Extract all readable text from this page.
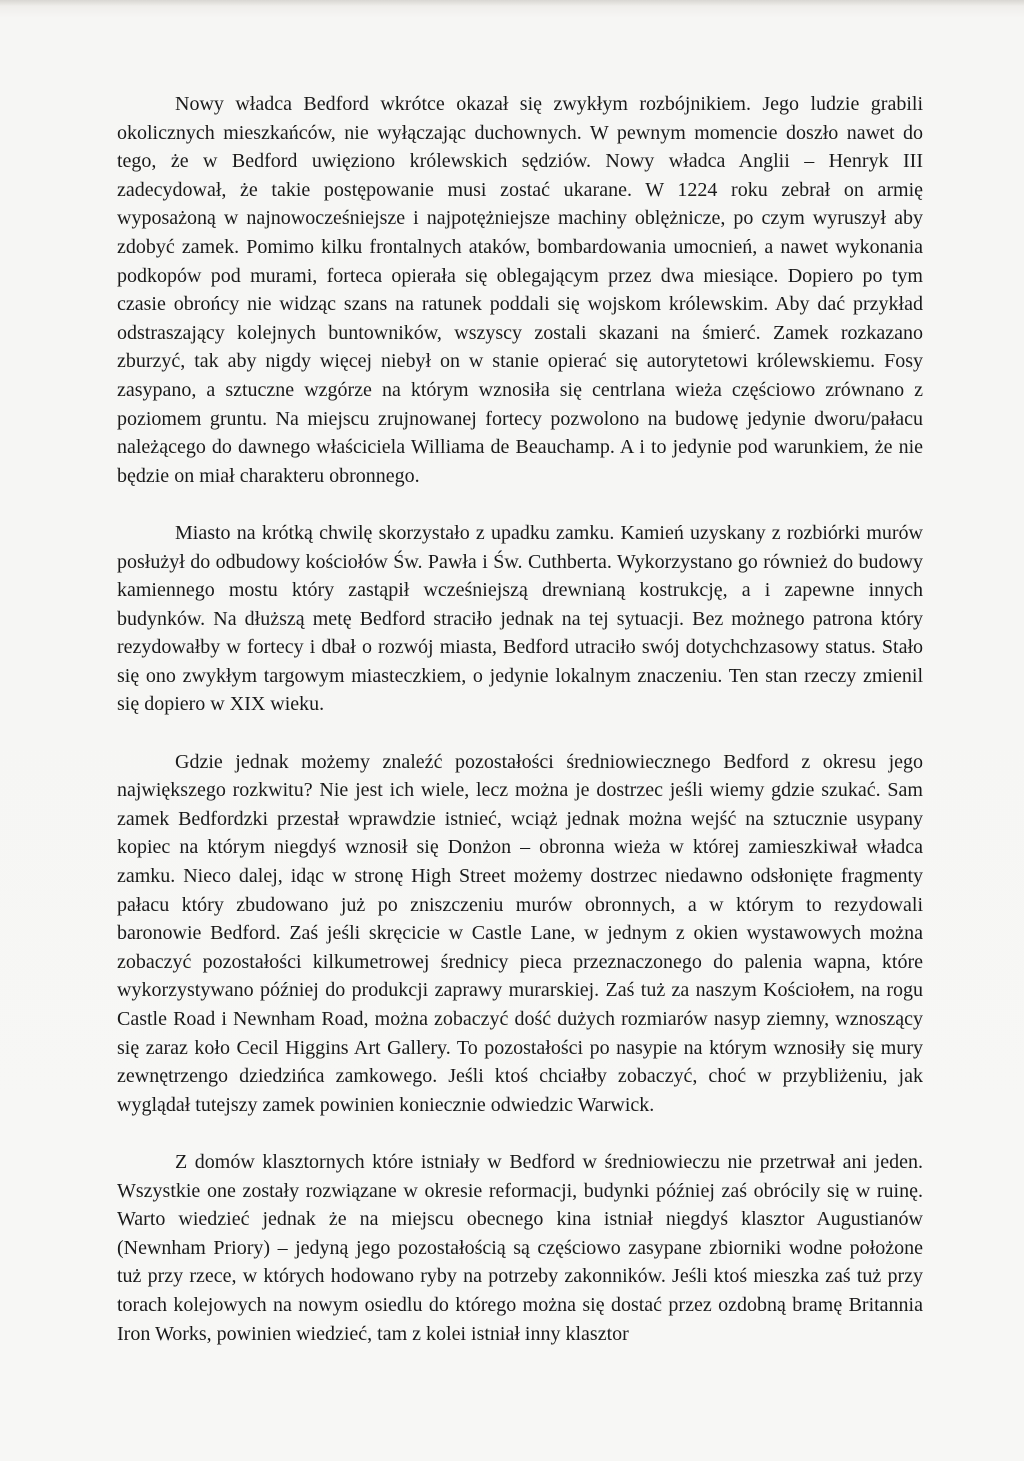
Nowy władca Bedford wkrótce okazał się zwykłym rozbójnikiem. Jego ludzie grabili okolicznych mieszkańców, nie wyłączając duchownych. W pewnym momencie doszło nawet do tego, że w Bedford uwięziono królewskich sędziów. Nowy władca Anglii – Henryk III zadecydował, że takie postępowanie musi zostać ukarane. W 1224 roku zebrał on armię wyposażoną w najnowocześniejsze i najpotężniejsze machiny oblężnicze, po czym wyruszył aby zdobyć zamek. Pomimo kilku frontalnych ataków, bombardowania umocnień, a nawet wykonania podkopów pod murami, forteca opierała się oblegającym przez dwa miesiące. Dopiero po tym czasie obrońcy nie widząc szans na ratunek poddali się wojskom królewskim. Aby dać przykład odstraszający kolejnych buntowników, wszyscy zostali skazani na śmierć. Zamek rozkazano zburzyć, tak aby nigdy więcej niebył on w stanie opierać się autorytetowi królewskiemu. Fosy zasypano, a sztuczne wzgórze na którym wznosiła się centrlana wieża częściowo zrównano z poziomem gruntu. Na miejscu zrujnowanej fortecy pozwolono na budowę jedynie dworu/pałacu należącego do dawnego właściciela Williama de Beauchamp. A i to jedynie pod warunkiem, że nie będzie on miał charakteru obronnego.

Miasto na krótką chwilę skorzystało z upadku zamku. Kamień uzyskany z rozbiórki murów posłużył do odbudowy kościołów Św. Pawła i Św. Cuthberta. Wykorzystano go również do budowy kamiennego mostu który zastąpił wcześniejszą drewnianą kostrukcję, a i zapewne innych budynków. Na dłuższą metę Bedford straciło jednak na tej sytuacji. Bez możnego patrona który rezydowałby w fortecy i dbał o rozwój miasta, Bedford utraciło swój dotychchzasowy status. Stało się ono zwykłym targowym miasteczkiem, o jedynie lokalnym znaczeniu. Ten stan rzeczy zmienil się dopiero w XIX wieku.

Gdzie jednak możemy znaleźć pozostałości średniowiecznego Bedford z okresu jego największego rozkwitu? Nie jest ich wiele, lecz można je dostrzec jeśli wiemy gdzie szukać. Sam zamek Bedfordzki przestał wprawdzie istnieć, wciąż jednak można wejść na sztucznie usypany kopiec na którym niegdyś wznosił się Donżon – obronna wieża w której zamieszkiwał władca zamku. Nieco dalej, idąc w stronę High Street możemy dostrzec niedawno odsłonięte fragmenty pałacu który zbudowano już po zniszczeniu murów obronnych, a w którym to rezydowali baronowie Bedford. Zaś jeśli skręcicie w Castle Lane, w jednym z okien wystawowych można zobaczyć pozostałości kilkumetrowej średnicy pieca przeznaczonego do palenia wapna, które wykorzystywano później do produkcji zaprawy murarskiej. Zaś tuż za naszym Kościołem, na rogu Castle Road i Newnham Road, można zobaczyć dość dużych rozmiarów nasyp ziemny, wznoszący się zaraz koło Cecil Higgins Art Gallery. To pozostałości po nasypie na którym wznosiły się mury zewnętrzengo dziedzińca zamkowego. Jeśli ktoś chciałby zobaczyć, choć w przybliżeniu, jak wyglądał tutejszy zamek powinien koniecznie odwiedzic Warwick.

Z domów klasztornych które istniały w Bedford w średniowieczu nie przetrwał ani jeden. Wszystkie one zostały rozwiązane w okresie reformacji, budynki później zaś obrócily się w ruinę. Warto wiedzieć jednak że na miejscu obecnego kina istniał niegdyś klasztor Augustianów (Newnham Priory) – jedyną jego pozostałością są częściowo zasypane zbiorniki wodne położone tuż przy rzece, w których hodowano ryby na potrzeby zakonników. Jeśli ktoś mieszka zaś tuż przy torach kolejowych na nowym osiedlu do którego można się dostać przez ozdobną bramę Britannia Iron Works, powinien wiedzieć, tam z kolei istniał inny klasztor
